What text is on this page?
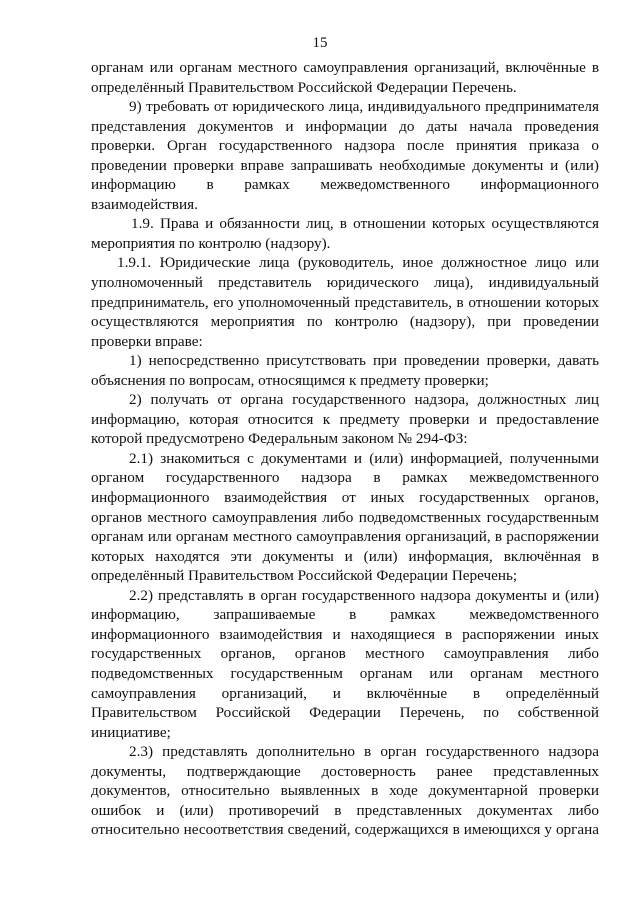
15
органам или органам местного самоуправления организаций, включённые в
определённый Правительством Российской Федерации Перечень.
9) требовать от юридического лица, индивидуального предпринимателя
представления документов и информации до даты начала проведения
проверки. Орган государственного надзора после принятия приказа о
проведении проверки вправе запрашивать необходимые документы и (или)
информацию в рамках межведомственного информационного
взаимодействия.
1.9. Права и обязанности лиц, в отношении которых осуществляются
мероприятия по контролю (надзору).
1.9.1. Юридические лица (руководитель, иное должностное лицо или
уполномоченный представитель юридического лица), индивидуальный
предприниматель, его уполномоченный представитель, в отношении которых
осуществляются мероприятия по контролю (надзору), при проведении
проверки вправе:
1) непосредственно присутствовать при проведении проверки, давать
объяснения по вопросам, относящимся к предмету проверки;
2) получать от органа государственного надзора, должностных лиц
информацию, которая относится к предмету проверки и предоставление
которой предусмотрено Федеральным законом № 294-ФЗ:
2.1) знакомиться с документами и (или) информацией, полученными
органом государственного надзора в рамках межведомственного
информационного взаимодействия от иных государственных органов,
органов местного самоуправления либо подведомственных государственным
органам или органам местного самоуправления организаций, в распоряжении
которых находятся эти документы и (или) информация, включённая в
определённый Правительством Российской Федерации Перечень;
2.2) представлять в орган государственного надзора документы и (или)
информацию, запрашиваемые в рамках межведомственного
информационного взаимодействия и находящиеся в распоряжении иных
государственных органов, органов местного самоуправления либо
подведомственных государственным органам или органам местного
самоуправления организаций, и включённые в определённый
Правительством Российской Федерации Перечень, по собственной
инициативе;
2.3) представлять дополнительно в орган государственного надзора
документы, подтверждающие достоверность ранее представленных
документов, относительно выявленных в ходе документарной проверки
ошибок и (или) противоречий в представленных документах либо
относительно несоответствия сведений, содержащихся в имеющихся у органа
